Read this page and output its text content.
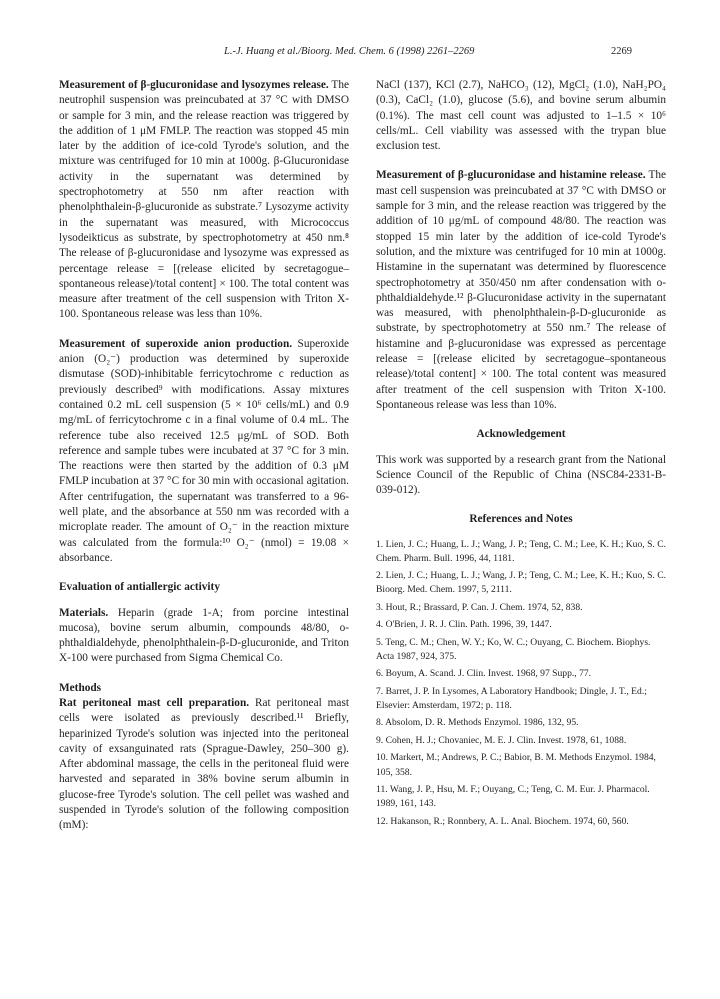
L.-J. Huang et al./Bioorg. Med. Chem. 6 (1998) 2261–2269	2269

Measurement of β-glucuronidase and lysozymes release. The neutrophil suspension was preincubated at 37 °C with DMSO or sample for 3 min, and the release reaction was triggered by the addition of 1 μM FMLP. The reaction was stopped 45 min later by the addition of ice-cold Tyrode's solution, and the mixture was centrifuged for 10 min at 1000g. β-Glucuronidase activity in the supernatant was determined by spectrophotometry at 550 nm after reaction with phenolphthalein-β-glucuronide as substrate.⁷ Lysozyme activity in the supernatant was measured, with Micrococcus lysodeikticus as substrate, by spectrophotometry at 450 nm.⁸ The release of β-glucuronidase and lysozyme was expressed as percentage release = [(release elicited by secretagogue–spontaneous release)/total content] × 100. The total content was measure after treatment of the cell suspension with Triton X-100. Spontaneous release was less than 10%.

Measurement of superoxide anion production. Superoxide anion (O₂⁻) production was determined by superoxide dismutase (SOD)-inhibitable ferricytochrome c reduction as previously described⁹ with modifications. Assay mixtures contained 0.2 mL cell suspension (5 × 10⁶ cells/mL) and 0.9 mg/mL of ferricytochrome c in a final volume of 0.4 mL. The reference tube also received 12.5 μg/mL of SOD. Both reference and sample tubes were incubated at 37 °C for 3 min. The reactions were then started by the addition of 0.3 μM FMLP incubation at 37 °C for 30 min with occasional agitation. After centrifugation, the supernatant was transferred to a 96-well plate, and the absorbance at 550 nm was recorded with a microplate reader. The amount of O₂⁻ in the reaction mixture was calculated from the formula:¹⁰ O₂⁻ (nmol) = 19.08 × absorbance.

Evaluation of antiallergic activity

Materials. Heparin (grade 1-A; from porcine intestinal mucosa), bovine serum albumin, compounds 48/80, o-phthaldialdehyde, phenolphthalein-β-D-glucuronide, and Triton X-100 were purchased from Sigma Chemical Co.

Methods

Rat peritoneal mast cell preparation. Rat peritoneal mast cells were isolated as previously described.¹¹ Briefly, heparinized Tyrode's solution was injected into the peritoneal cavity of exsanguinated rats (Sprague-Dawley, 250–300 g). After abdominal massage, the cells in the peritoneal fluid were harvested and separated in 38% bovine serum albumin in glucose-free Tyrode's solution. The cell pellet was washed and suspended in Tyrode's solution of the following composition (mM):

NaCl (137), KCl (2.7), NaHCO₃ (12), MgCl₂ (1.0), NaH₂PO₄ (0.3), CaCl₂ (1.0), glucose (5.6), and bovine serum albumin (0.1%). The mast cell count was adjusted to 1–1.5 × 10⁶ cells/mL. Cell viability was assessed with the trypan blue exclusion test.

Measurement of β-glucuronidase and histamine release. The mast cell suspension was preincubated at 37 °C with DMSO or sample for 3 min, and the release reaction was triggered by the addition of 10 μg/mL of compound 48/80. The reaction was stopped 15 min later by the addition of ice-cold Tyrode's solution, and the mixture was centrifuged for 10 min at 1000g. Histamine in the supernatant was determined by fluorescence spectrophotometry at 350/450 nm after condensation with o-phthaldialdehyde.¹² β-Glucuronidase activity in the supernatant was measured, with phenolphthalein-β-D-glucuronide as substrate, by spectrophotometry at 550 nm.⁷ The release of histamine and β-glucuronidase was expressed as percentage release = [(release elicited by secretagogue–spontaneous release)/total content] × 100. The total content was measured after treatment of the cell suspension with Triton X-100. Spontaneous release was less than 10%.

Acknowledgement

This work was supported by a research grant from the National Science Council of the Republic of China (NSC84-2331-B-039-012).

References and Notes

1. Lien, J. C.; Huang, L. J.; Wang, J. P.; Teng, C. M.; Lee, K. H.; Kuo, S. C. Chem. Pharm. Bull. 1996, 44, 1181.
2. Lien, J. C.; Huang, L. J.; Wang, J. P.; Teng, C. M.; Lee, K. H.; Kuo, S. C. Bioorg. Med. Chem. 1997, 5, 2111.
3. Hout, R.; Brassard, P. Can. J. Chem. 1974, 52, 838.
4. O'Brien, J. R. J. Clin. Path. 1996, 39, 1447.
5. Teng, C. M.; Chen, W. Y.; Ko, W. C.; Ouyang, C. Biochem. Biophys. Acta 1987, 924, 375.
6. Boyum, A. Scand. J. Clin. Invest. 1968, 97 Supp., 77.
7. Barret, J. P. In Lysomes, A Laboratory Handbook; Dingle, J. T., Ed.; Elsevier: Amsterdam, 1972; p. 118.
8. Absolom, D. R. Methods Enzymol. 1986, 132, 95.
9. Cohen, H. J.; Chovaniec, M. E. J. Clin. Invest. 1978, 61, 1088.
10. Markert, M.; Andrews, P. C.; Babior, B. M. Methods Enzymol. 1984, 105, 358.
11. Wang, J. P., Hsu, M. F.; Ouyang, C.; Teng, C. M. Eur. J. Pharmacol. 1989, 161, 143.
12. Hakanson, R.; Ronnbery, A. L. Anal. Biochem. 1974, 60, 560.
